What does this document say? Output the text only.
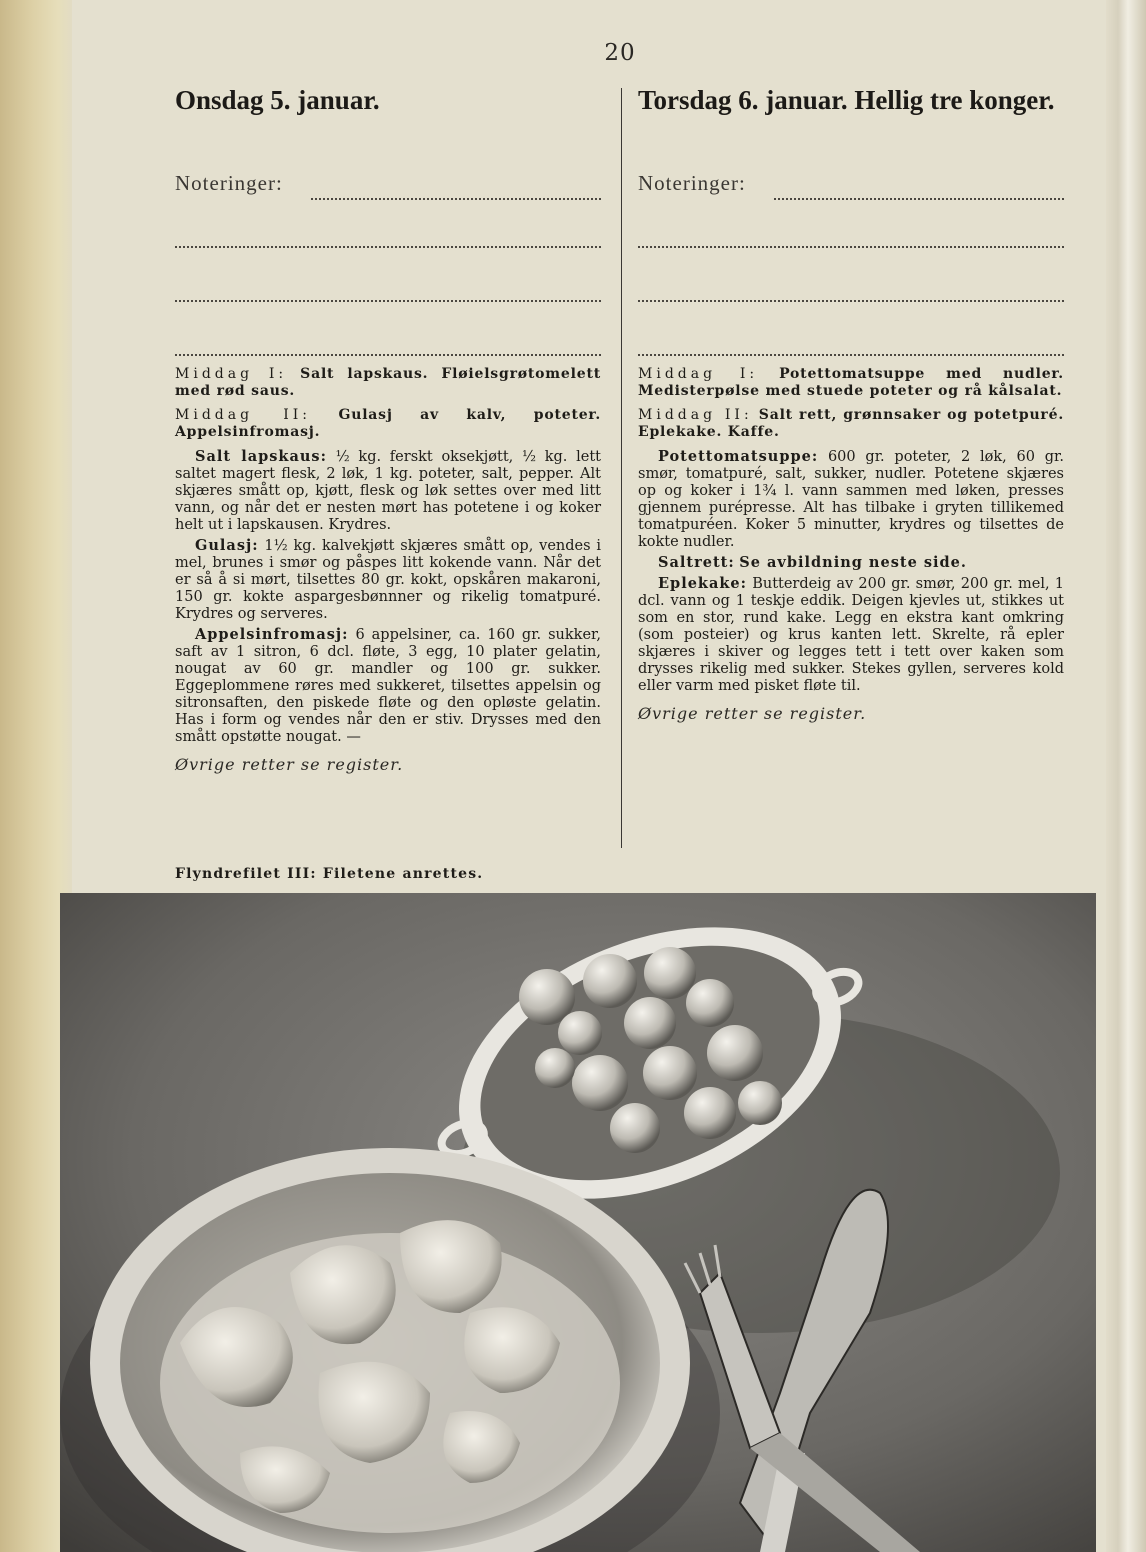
20
Onsdag 5. januar.
Noteringer:

Middag I: Salt lapskaus. Fløielsgrøtomelett med rød saus.

Middag II: Gulasj av kalv, poteter. Appelsinfromasj.

Salt lapskaus: ½ kg. ferskt oksekjøtt, ½ kg. lett saltet magert flesk, 2 løk, 1 kg. poteter, salt, pepper. Alt skjæres smått op, kjøtt, flesk og løk settes over med litt vann, og når det er nesten mørt has potetene i og koker helt ut i lapskausen. Krydres.

Gulasj: 1½ kg. kalvekjøtt skjæres smått op, vendes i mel, brunes i smør og påspes litt kokende vann. Når det er så å si mørt, tilsettes 80 gr. kokt, opskåren makaroni, 150 gr. kokte aspargesbønnner og rikelig tomatpuré. Krydres og serveres.

Appelsinfromasj: 6 appelsiner, ca. 160 gr. sukker, saft av 1 sitron, 6 dcl. fløte, 3 egg, 10 plater gelatin, nougat av 60 gr. mandler og 100 gr. sukker. Eggeplommene røres med sukkeret, tilsettes appelsin og sitronsaften, den piskede fløte og den opløste gelatin. Has i form og vendes når den er stiv. Drysses med den smått opstøtte nougat. —

Øvrige retter se register.
Torsdag 6. januar. Hellig tre konger.
Noteringer:

Middag I: Potettomatsuppe med nudler. Medisterpølse med stuede poteter og rå kålsalat.

Middag II: Salt rett, grønnsaker og potetpuré. Eplekake. Kaffe.

Potettomatsuppe: 600 gr. poteter, 2 løk, 60 gr. smør, tomatpuré, salt, sukker, nudler. Potetene skjæres op og koker i 1¾ l. vann sammen med løken, presses gjennem purépresse. Alt has tilbake i gryten tillikemed tomatpuréen. Koker 5 minutter, krydres og tilsettes de kokte nudler.

Saltrett: Se avbildning neste side.

Eplekake: Butterdeig av 200 gr. smør, 200 gr. mel, 1 dcl. vann og 1 teskje eddik. Deigen kjevles ut, stikkes ut som en stor, rund kake. Legg en ekstra kant omkring (som posteier) og krus kanten lett. Skrelte, rå epler skjæres i skiver og legges tett i tett over kaken som drysses rikelig med sukker. Stekes gyllen, serveres kold eller varm med pisket fløte til.

Øvrige retter se register.
Flyndrefilet III: Filetene anrettes.
